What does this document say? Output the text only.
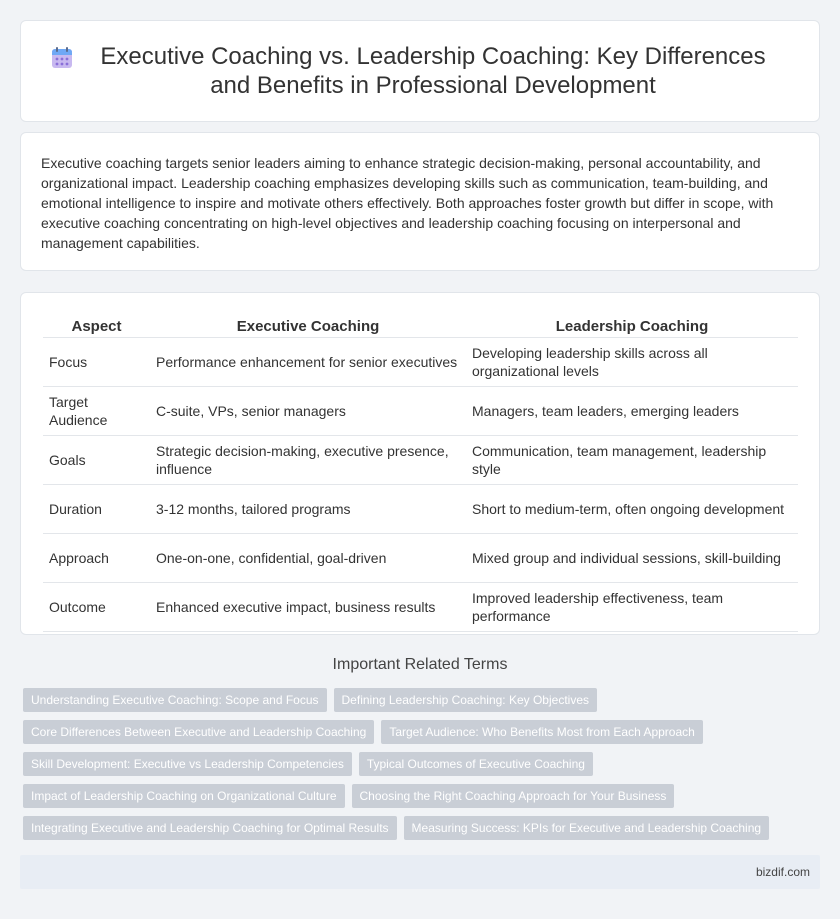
Executive Coaching vs. Leadership Coaching: Key Differences and Benefits in Professional Development

Executive coaching targets senior leaders aiming to enhance strategic decision-making, personal accountability, and organizational impact. Leadership coaching emphasizes developing skills such as communication, team-building, and emotional intelligence to inspire and motivate others effectively. Both approaches foster growth but differ in scope, with executive coaching concentrating on high-level objectives and leadership coaching focusing on interpersonal and management capabilities.

Aspect	Executive Coaching	Leadership Coaching
Focus	Performance enhancement for senior executives	Developing leadership skills across all organizational levels
Target Audience	C-suite, VPs, senior managers	Managers, team leaders, emerging leaders
Goals	Strategic decision-making, executive presence, influence	Communication, team management, leadership style
Duration	3-12 months, tailored programs	Short to medium-term, often ongoing development
Approach	One-on-one, confidential, goal-driven	Mixed group and individual sessions, skill-building
Outcome	Enhanced executive impact, business results	Improved leadership effectiveness, team performance
Important Related Terms
Understanding Executive Coaching: Scope and Focus	Defining Leadership Coaching: Key Objectives
Core Differences Between Executive and Leadership Coaching	Target Audience: Who Benefits Most from Each Approach
Skill Development: Executive vs Leadership Competencies	Typical Outcomes of Executive Coaching
Impact of Leadership Coaching on Organizational Culture	Choosing the Right Coaching Approach for Your Business
Integrating Executive and Leadership Coaching for Optimal Results	Measuring Success: KPIs for Executive and Leadership Coaching
bizdif.com
